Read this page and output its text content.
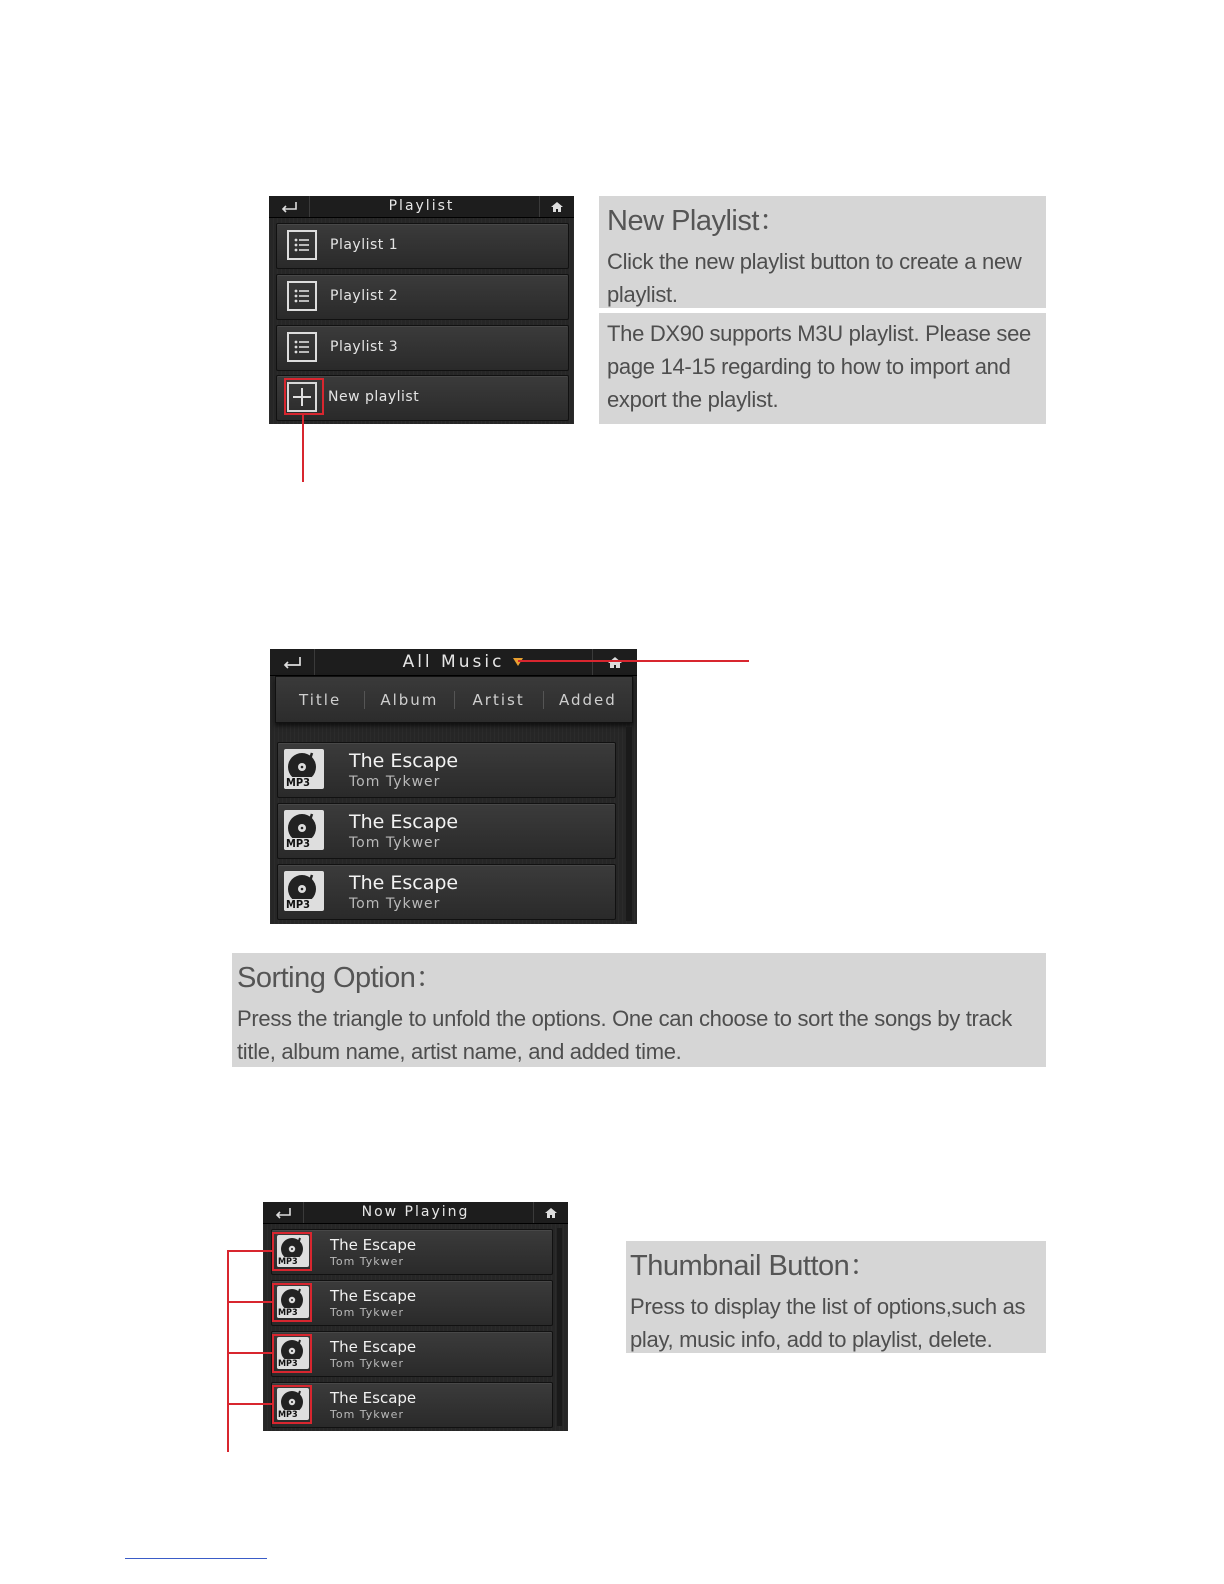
Playlist
Playlist 1
Playlist 2
Playlist 3
New playlist
New Playlist：

Click the new playlist button to create a new playlist.

The DX90 supports M3U playlist. Please see page 14-15 regarding to how to import and export the playlist.

All Music
Title	Album	Artist	Added
MP3
The Escape
Tom Tykwer
MP3
The Escape
Tom Tykwer
MP3
The Escape
Tom Tykwer
Sorting Option：

Press the triangle to unfold the options. One can choose to sort the songs by track title, album name, artist name, and added time.

Now Playing
MP3
The Escape
Tom Tykwer
MP3
The Escape
Tom Tykwer
MP3
The Escape
Tom Tykwer
MP3
The Escape
Tom Tykwer
Thumbnail Button：

Press to display the list of options,such as play, music info, add to playlist, delete.
